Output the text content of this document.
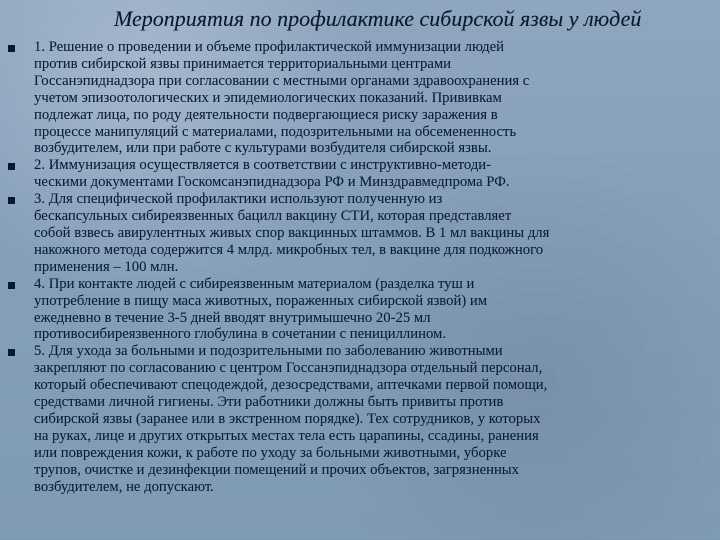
Мероприятия по профилактике сибирской язвы у людей
1. Решение о проведении и объеме профилактической иммунизации людей
против сибирской язвы принимается территориальными центрами
Госсанэпиднадзора при согласовании с местными органами здравоохранения с
учетом эпизоотологических и эпидемиологических показаний. Прививкам
подлежат лица, по роду деятельности подвергающиеся риску заражения в
процессе манипуляций с материалами, подозрительными на обсемененность
возбудителем, или при работе с культурами возбудителя сибирской язвы.
2. Иммунизация осуществляется в соответствии с инструктивно-методи-
ческими документами Госкомсанэпиднадзора РФ и Минздравмедпрома РФ.
3. Для специфической профилактики используют полученную из
бескапсульных сибиреязвенных бацилл вакцину СТИ, которая представляет
собой взвесь авирулентных живых спор вакцинных штаммов. В 1 мл вакцины для
накожного метода содержится 4 млрд. микробных тел, в вакцине для подкожного
применения – 100 млн.
4. При контакте людей с сибиреязвенным материалом (разделка туш и
употребление в пищу маса животных, пораженных сибирской язвой) им
ежедневно в течение 3-5 дней вводят внутримышечно 20-25 мл
противосибиреязвенного глобулина в сочетании с пенициллином.
5. Для ухода за больными и подозрительными по заболеванию животными
закрепляют по согласованию с центром Госсанэпиднадзора отдельный персонал,
который обеспечивают спецодеждой, дезосредствами, аптечками первой помощи,
средствами личной гигиены. Эти работники должны быть привиты против
сибирской язвы (заранее или в экстренном порядке). Тех сотрудников, у которых
на руках, лице и других открытых местах тела есть царапины, ссадины, ранения
или повреждения кожи, к работе по уходу за больными животными, уборке
трупов, очистке и дезинфекции помещений и прочих объектов, загрязненных
возбудителем, не допускают.
